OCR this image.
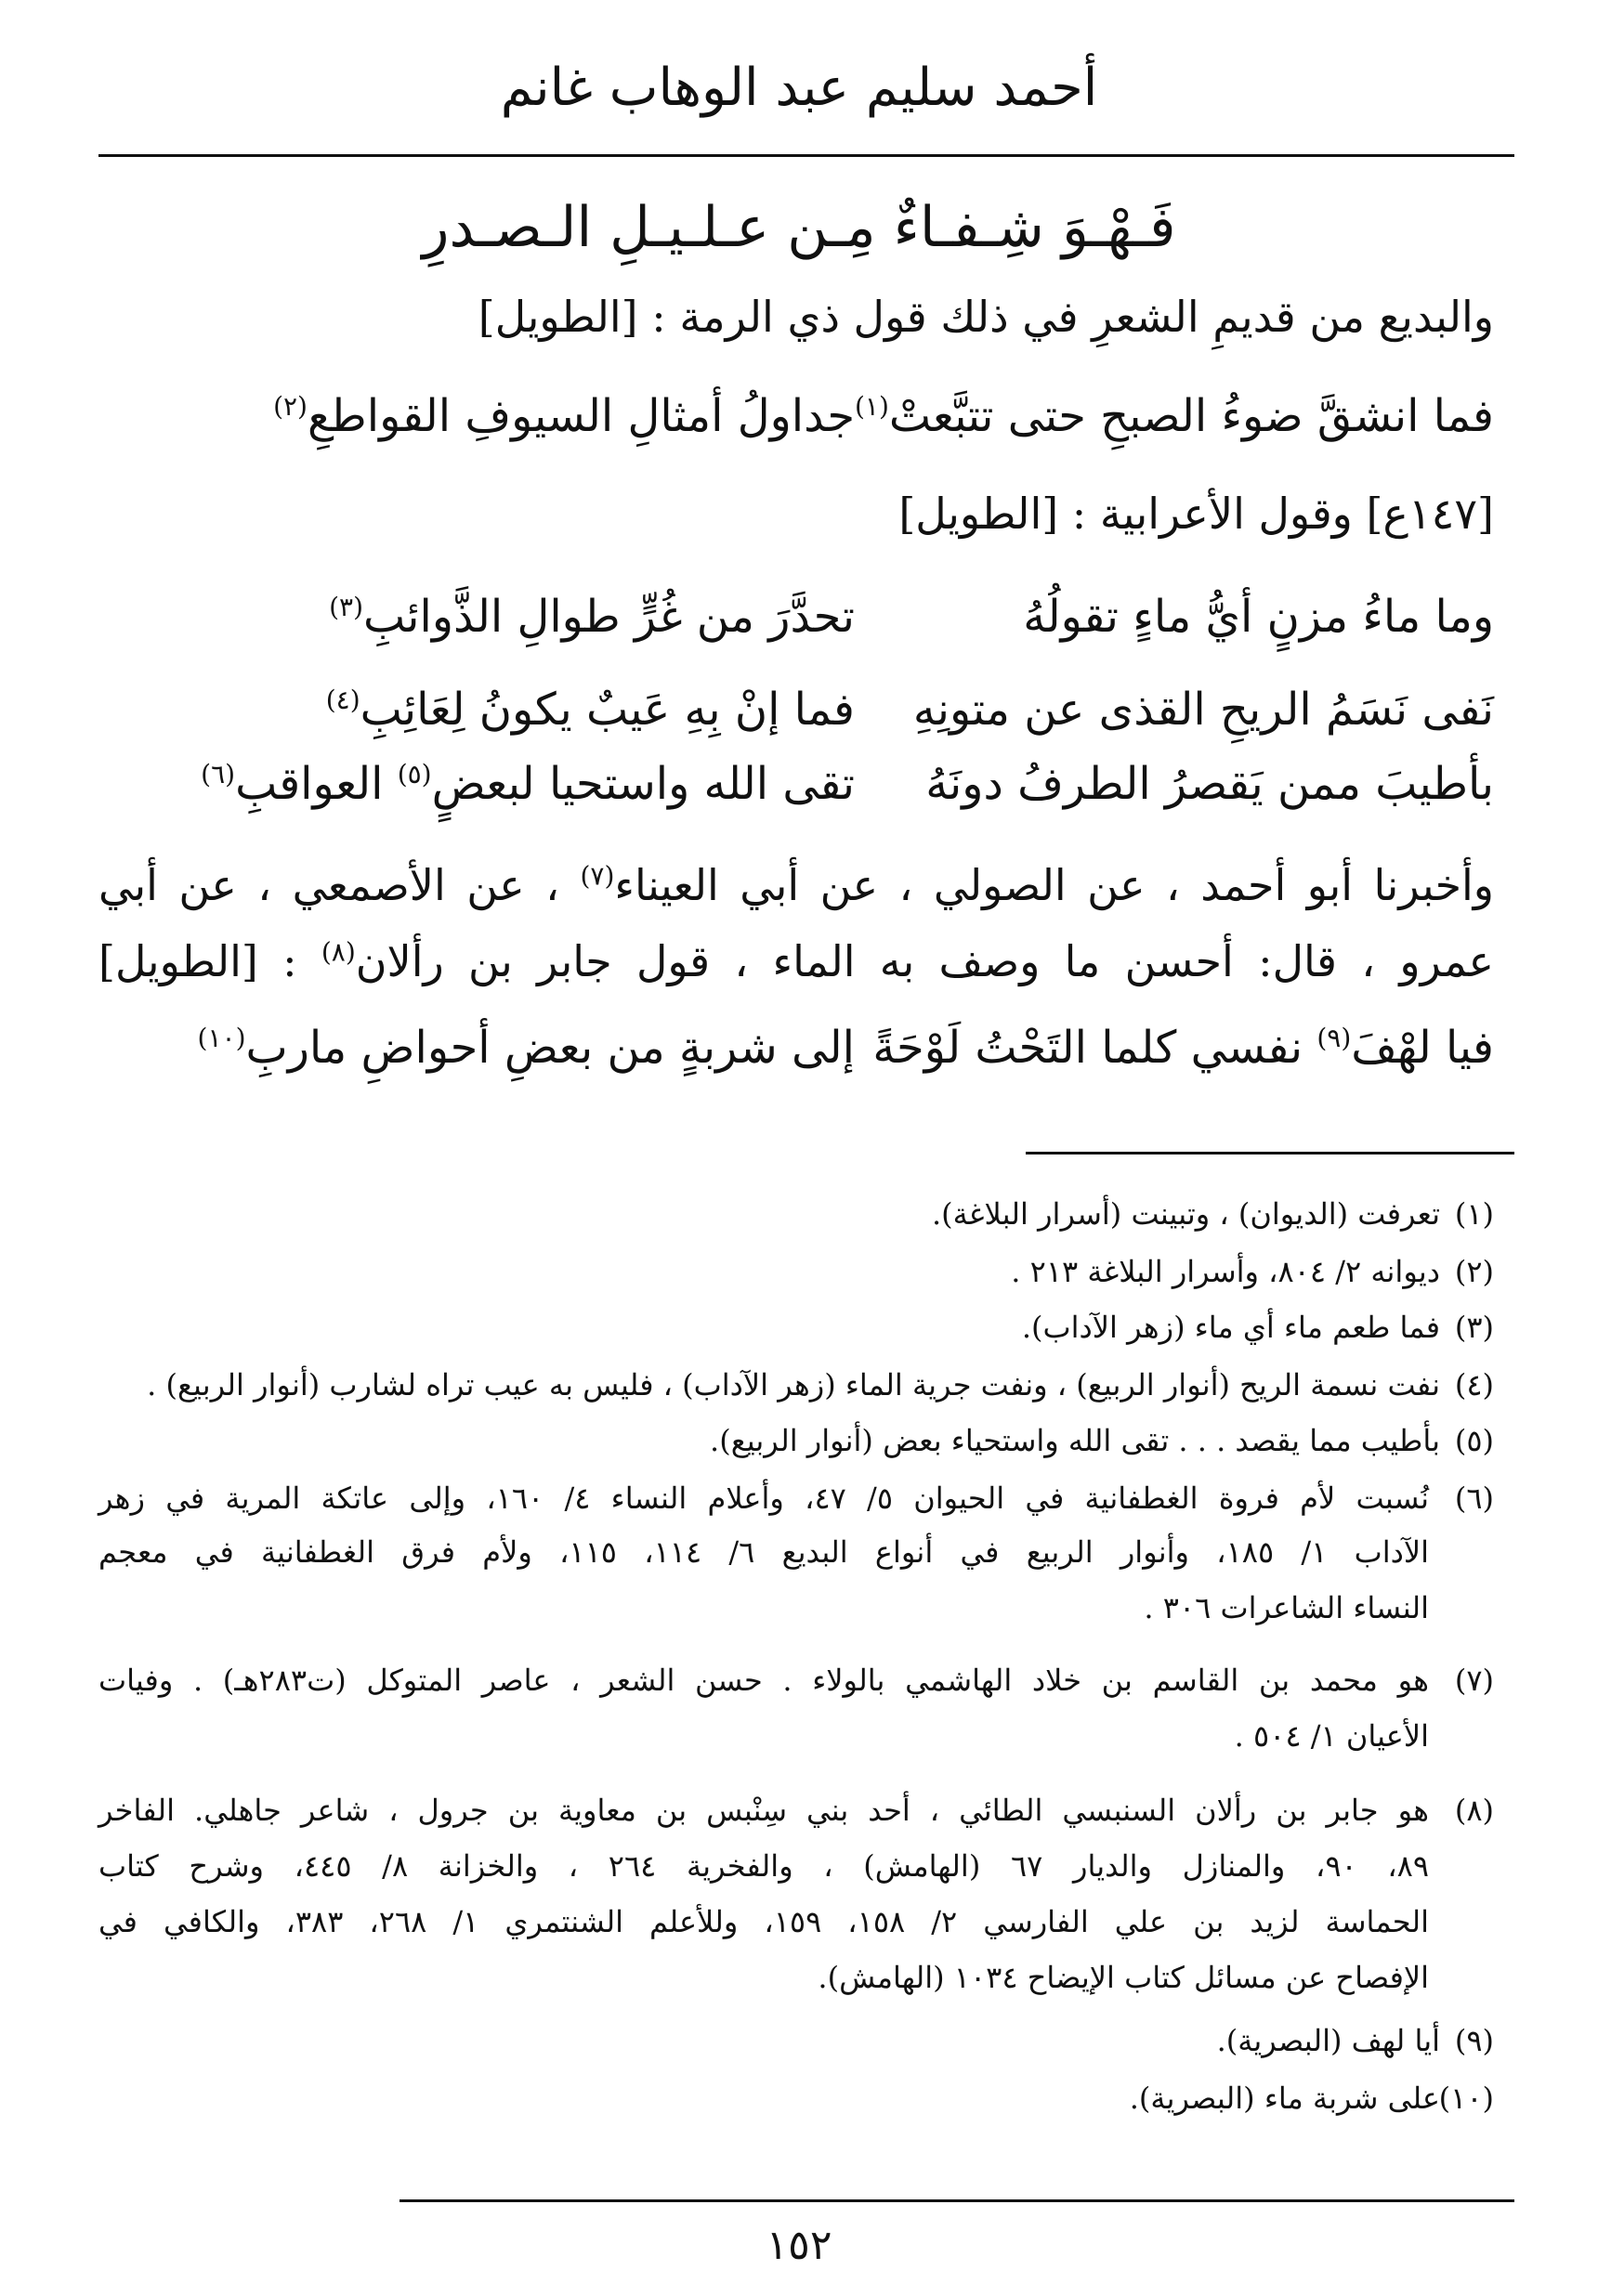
أحمد سليم عبد الوهاب غانم
فَـهْـوَ شِـفـاءٌ مِـن عـلـيـلِ الـصـدرِ
والبديع من قديمِ الشعرِ في ذلك قول ذي الرمة : [الطويل]
فما انشقَّ ضوءُ الصبحِ حتى تتبَّعتْ$^{(١)}$
جداولُ أمثالِ السيوفِ القواطعِ$^{(٢)}$
[١٤٧ع] وقول الأعرابية : [الطويل]
وما ماءُ مزنٍ أيُّ ماءٍ تقولُهُ
تحدَّرَ من غُرٍّ طوالِ الذَّوائبِ$^{(٣)}$
نَفى نَسَمُ الريحِ القذى عن متونِهِ
فما إنْ بِهِ عَيبٌ يكونُ لِعَائِبِ$^{(٤)}$
بأطيبَ ممن يَقصرُ الطرفُ دونَهُ
تقى الله واستحيا لبعضٍ$^{(٥)}$ العواقبِ$^{(٦)}$
وأخبرنا أبو أحمد ، عن الصولي ، عن أبي العيناء$^{(٧)}$ ، عن الأصمعي ، عن أبي
عمرو ، قال: أحسن ما وصف به الماء ، قول جابر بن رألان$^{(٨)}$ : [الطويل]
فيا لهْفَ$^{(٩)}$ نفسي كلما التَحْتُ لَوْحَةً
إلى شربةٍ من بعضِ أحواضِ ماربِ$^{(١٠)}$
(١)تعرفت (الديوان) ، وتبينت (أسرار البلاغة).
(٢)ديوانه ٢/ ٨٠٤، وأسرار البلاغة ٢١٣ .
(٣)فما طعم ماء أي ماء (زهر الآداب).
(٤)نفت نسمة الريح (أنوار الربيع) ، ونفت جرية الماء (زهر الآداب) ، فليس به عيب تراه لشارب (أنوار الربيع) .
(٥)بأطيب مما يقصد . . . تقى الله واستحياء بعض (أنوار الربيع).
(٦)
نُسبت لأم فروة الغطفانية في الحيوان ٥/ ٤٧، وأعلام النساء ٤/ ١٦٠، وإلى عاتكة المرية في زهر
الآداب ١/ ١٨٥، وأنوار الربيع في أنواع البديع ٦/ ١١٤، ١١٥، ولأم فرق الغطفانية في معجم
النساء الشاعرات ٣٠٦ .
(٧)
هو محمد بن القاسم بن خلاد الهاشمي بالولاء . حسن الشعر ، عاصر المتوكل (ت٢٨٣هـ) . وفيات
الأعيان ١/ ٥٠٤ .
(٨)
هو جابر بن رألان السنبسي الطائي ، أحد بني سِنْبس بن معاوية بن جرول ، شاعر جاهلي. الفاخر
٨٩، ٩٠، والمنازل والديار ٦٧ (الهامش) ، والفخرية ٢٦٤ ، والخزانة ٨/ ٤٤٥، وشرح كتاب
الحماسة لزيد بن علي الفارسي ٢/ ١٥٨، ١٥٩، وللأعلم الشنتمري ١/ ٢٦٨، ٣٨٣، والكافي في
الإفصاح عن مسائل كتاب الإيضاح ١٠٣٤ (الهامش).
(٩)أيا لهف (البصرية).
(١٠)على شربة ماء (البصرية).
١٥٢
